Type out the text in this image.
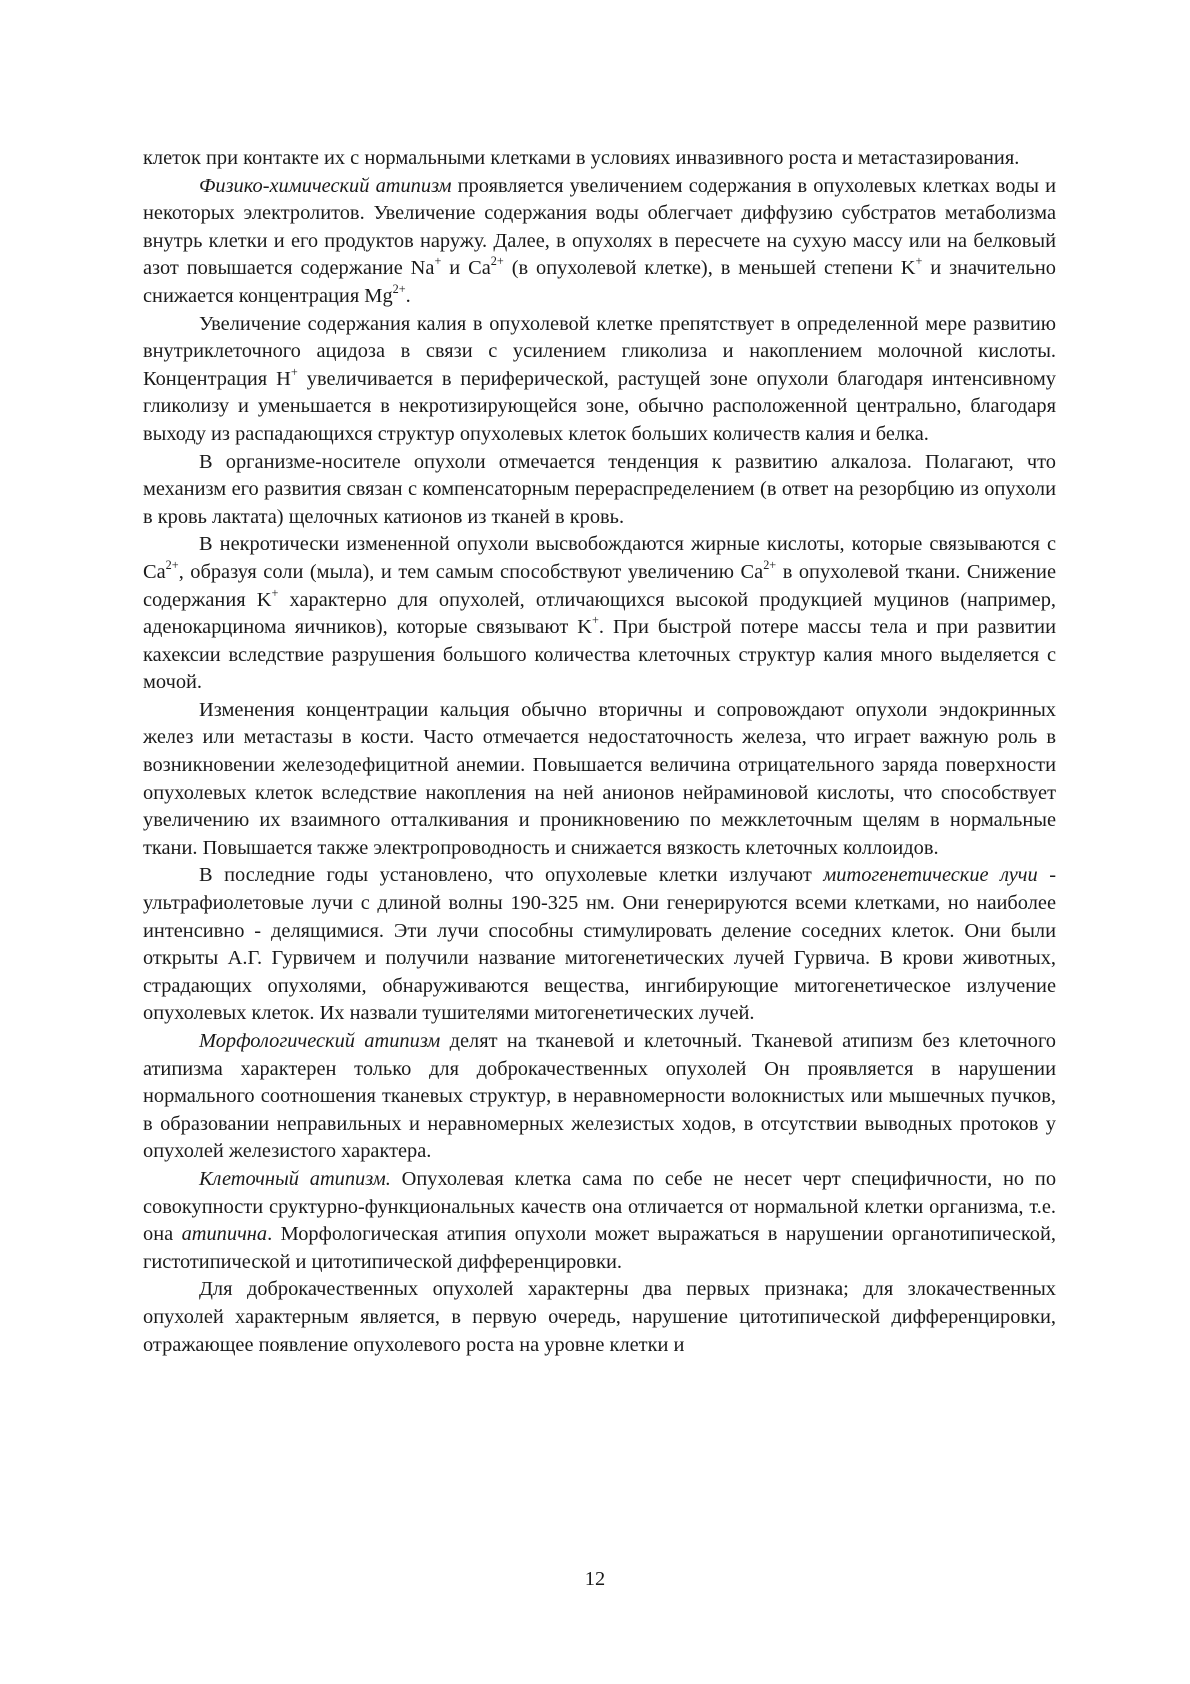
клеток при контакте их с нормальными клетками в условиях инвазивного роста и метастазирования.

Физико-химический атипизм проявляется увеличением содержания в опухолевых клетках воды и некоторых электролитов. Увеличение содержания воды облегчает диффузию субстратов метаболизма внутрь клетки и его продуктов наружу. Далее, в опухолях в пересчете на сухую массу или на белковый азот повышается содержание Na+ и $Ca^{2+}$ (в опухолевой клетке), в меньшей степени K+ и значительно снижается концентрация $Mg^{2+}$.

Увеличение содержания калия в опухолевой клетке препятствует в определенной мере развитию внутриклеточного ацидоза в связи с усилением гликолиза и накоплением молочной кислоты. Концентрация H+ увеличивается в периферической, растущей зоне опухоли благодаря интенсивному гликолизу и уменьшается в некротизирующейся зоне, обычно расположенной центрально, благодаря выходу из распадающихся структур опухолевых клеток больших количеств калия и белка.

В организме-носителе опухоли отмечается тенденция к развитию алкалоза. Полагают, что механизм его развития связан с компенсаторным перераспределением (в ответ на резорбцию из опухоли в кровь лактата) щелочных катионов из тканей в кровь.

В некротически измененной опухоли высвобождаются жирные кислоты, которые связываются с $Ca^{2+}$, образуя соли (мыла), и тем самым способствуют увеличению $Ca^{2+}$ в опухолевой ткани. Снижение содержания K+ характерно для опухолей, отличающихся высокой продукцией муцинов (например, аденокарцинома яичников), которые связывают K+. При быстрой потере массы тела и при развитии кахексии вследствие разрушения большого количества клеточных структур калия много выделяется с мочой.

Изменения концентрации кальция обычно вторичны и сопровождают опухоли эндокринных желез или метастазы в кости. Часто отмечается недостаточность железа, что играет важную роль в возникновении железодефицитной анемии. Повышается величина отрицательного заряда поверхности опухолевых клеток вследствие накопления на ней анионов нейраминовой кислоты, что способствует увеличению их взаимного отталкивания и проникновению по межклеточным щелям в нормальные ткани. Повышается также электропроводность и снижается вязкость клеточных коллоидов.

В последние годы установлено, что опухолевые клетки излучают митогенетические лучи - ультрафиолетовые лучи с длиной волны 190-325 нм. Они генерируются всеми клетками, но наиболее интенсивно - делящимися. Эти лучи способны стимулировать деление соседних клеток. Они были открыты А.Г. Гурвичем и получили название митогенетических лучей Гурвича. В крови животных, страдающих опухолями, обнаруживаются вещества, ингибирующие митогенетическое излучение опухолевых клеток. Их назвали тушителями митогенетических лучей.

Морфологический атипизм делят на тканевой и клеточный. Тканевой атипизм без клеточного атипизма характерен только для доброкачественных опухолей Он проявляется в нарушении нормального соотношения тканевых структур, в неравномерности волокнистых или мышечных пучков, в образовании неправильных и неравномерных железистых ходов, в отсутствии выводных протоков у опухолей железистого характера.

Клеточный атипизм. Опухолевая клетка сама по себе не несет черт специфичности, но по совокупности сруктурно-функциональных качеств она отличается от нормальной клетки организма, т.е. она атипична. Морфологическая атипия опухоли может выражаться в нарушении органотипической, гистотипической и цитотипической дифференцировки.

Для доброкачественных опухолей характерны два первых признака; для злокачественных опухолей характерным является, в первую очередь, нарушение цитотипической дифференцировки, отражающее появление опухолевого роста на уровне клетки и

12
